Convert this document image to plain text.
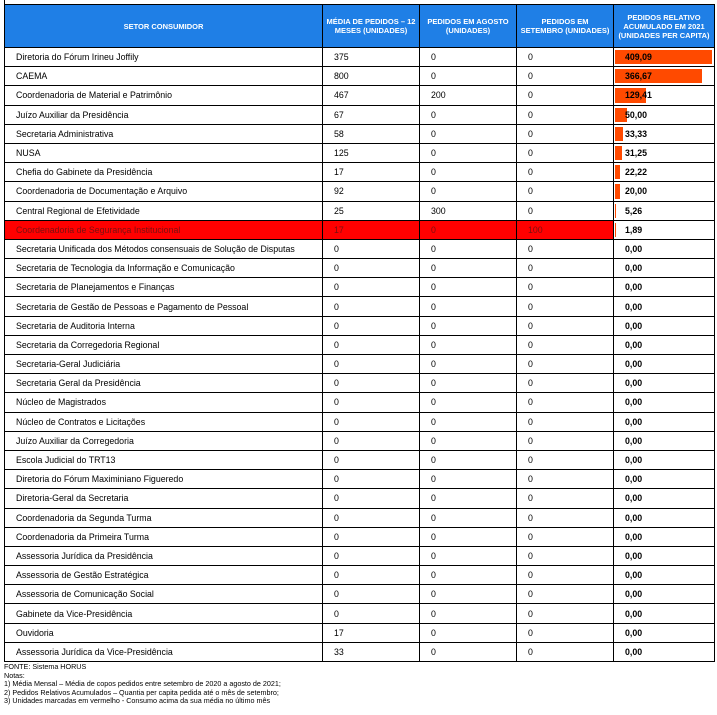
SETOR CONSUMIDOR	MÉDIA DE PEDIDOS – 12 MESES (UNIDADES)	PEDIDOS EM AGOSTO (UNIDADES)	PEDIDOS EM SETEMBRO (UNIDADES)	PEDIDOS RELATIVO ACUMULADO EM 2021 (UNIDADES PER CAPITA)
Diretoria do Fórum Irineu Joffily	375	0	0	409,09
CAEMA	800	0	0	366,67
Coordenadoria de Material e Patrimônio	467	200	0	129,41
Juízo Auxiliar da Presidência	67	0	0	50,00
Secretaria Administrativa	58	0	0	33,33
NUSA	125	0	0	31,25
Chefia do Gabinete da Presidência	17	0	0	22,22
Coordenadoria de Documentação e Arquivo	92	0	0	20,00
Central Regional de Efetividade	25	300	0	5,26
Coordenadoria de Segurança Institucional	17	0	100	1,89
Secretaria Unificada dos Métodos consensuais de Solução de Disputas	0	0	0	0,00
Secretaria de Tecnologia da Informação e Comunicação	0	0	0	0,00
Secretaria de Planejamentos e Finanças	0	0	0	0,00
Secretaria de Gestão de Pessoas e Pagamento de Pessoal	0	0	0	0,00
Secretaria de Auditoria Interna	0	0	0	0,00
Secretaria da Corregedoria Regional	0	0	0	0,00
Secretaria-Geral Judiciária	0	0	0	0,00
Secretaria Geral da Presidência	0	0	0	0,00
Núcleo de Magistrados	0	0	0	0,00
Núcleo de Contratos e Licitações	0	0	0	0,00
Juízo Auxiliar da Corregedoria	0	0	0	0,00
Escola Judicial do TRT13	0	0	0	0,00
Diretoria do Fórum Maximiniano Figueredo	0	0	0	0,00
Diretoria-Geral da Secretaria	0	0	0	0,00
Coordenadoria da Segunda Turma	0	0	0	0,00
Coordenadoria da Primeira Turma	0	0	0	0,00
Assessoria Jurídica da Presidência	0	0	0	0,00
Assessoria de Gestão Estratégica	0	0	0	0,00
Assessoria de Comunicação Social	0	0	0	0,00
Gabinete da Vice-Presidência	0	0	0	0,00
Ouvidoria	17	0	0	0,00
Assessoria Jurídica da Vice-Presidência	33	0	0	0,00
FONTE: Sistema HORUS
Notas:
1) Média Mensal – Média de copos pedidos entre setembro de 2020 a agosto de 2021;
2) Pedidos Relativos Acumulados – Quantia per capita pedida até o mês de setembro;
3) Unidades marcadas em vermelho - Consumo acima da sua média no último mês
